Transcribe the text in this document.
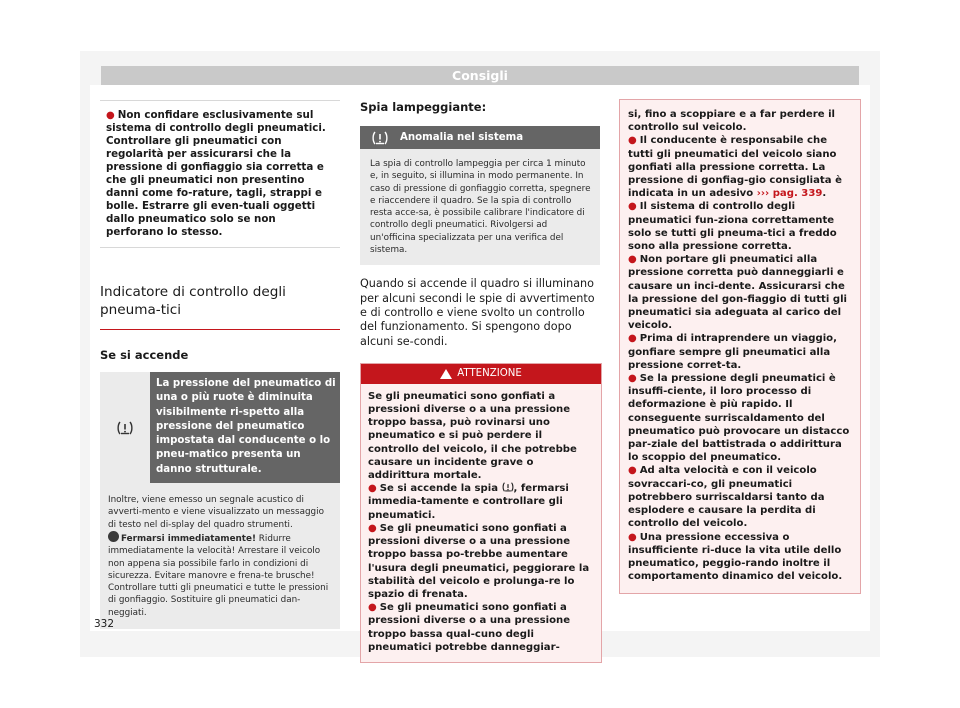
Consigli
● Non confidare esclusivamente sul sistema di controllo degli pneumatici. Controllare gli pneumatici con regolarità per assicurarsi che la pressione di gonfiaggio sia corretta e che gli pneumatici non presentino danni come fo-rature, tagli, strappi e bolle. Estrarre gli even-tuali oggetti dallo pneumatico solo se non perforano lo stesso.
Indicatore di controllo degli pneuma-tici
Se si accende
La pressione del pneumatico di una o più ruote è diminuita visibilmente ri-spetto alla pressione del pneumatico impostata dal conducente o lo pneu-matico presenta un danno strutturale.
Inoltre, viene emesso un segnale acustico di avverti-mento e viene visualizzato un messaggio di testo nel di-splay del quadro strumenti.
Fermarsi immediatamente! Ridurre immediatamente la velocità! Arrestare il veicolo non appena sia possibile farlo in condizioni di sicurezza. Evitare manovre e frena-te brusche! Controllare tutti gli pneumatici e tutte le pressioni di gonfiaggio. Sostituire gli pneumatici dan-neggiati.
Spia lampeggiante:
Anomalia nel sistema
La spia di controllo lampeggia per circa 1 minuto e, in seguito, si illumina in modo permanente. In caso di pressione di gonfiaggio corretta, spegnere e riaccendere il quadro. Se la spia di controllo resta acce-sa, è possibile calibrare l'indicatore di controllo degli pneumatici. Rivolgersi ad un'officina specializzata per una verifica del sistema.
Quando si accende il quadro si illuminano per alcuni secondi le spie di avvertimento e di controllo e viene svolto un controllo del funzionamento. Si spengono dopo alcuni se-condi.
ATTENZIONE

Se gli pneumatici sono gonfiati a pressioni diverse o a una pressione troppo bassa, può rovinarsi uno pneumatico e si può perdere il controllo del veicolo, il che potrebbe causare un incidente grave o addirittura mortale.

● Se si accende la spia , fermarsi immedia-tamente e controllare gli pneumatici.

● Se gli pneumatici sono gonfiati a pressioni diverse o a una pressione troppo bassa po-trebbe aumentare l'usura degli pneumatici, peggiorare la stabilità del veicolo e prolunga-re lo spazio di frenata.

● Se gli pneumatici sono gonfiati a pressioni diverse o a una pressione troppo bassa qual-cuno degli pneumatici potrebbe danneggiar-

si, fino a scoppiare e a far perdere il controllo sul veicolo.

● Il conducente è responsabile che tutti gli pneumatici del veicolo siano gonfiati alla pressione corretta. La pressione di gonfiag-gio consigliata è indicata in un adesivo ››› pag. 339.

● Il sistema di controllo degli pneumatici fun-ziona correttamente solo se tutti gli pneuma-tici a freddo sono alla pressione corretta.

● Non portare gli pneumatici alla pressione corretta può danneggiarli e causare un inci-dente. Assicurarsi che la pressione del gon-fiaggio di tutti gli pneumatici sia adeguata al carico del veicolo.

● Prima di intraprendere un viaggio, gonfiare sempre gli pneumatici alla pressione corret-ta.

● Se la pressione degli pneumatici è insuffi-ciente, il loro processo di deformazione è più rapido. Il conseguente surriscaldamento del pneumatico può provocare un distacco par-ziale del battistrada o addirittura lo scoppio del pneumatico.

● Ad alta velocità e con il veicolo sovraccari-co, gli pneumatici potrebbero surriscaldarsi tanto da esplodere e causare la perdita di controllo del veicolo.

● Una pressione eccessiva o insufficiente ri-duce la vita utile dello pneumatico, peggio-rando inoltre il comportamento dinamico del veicolo.

332
